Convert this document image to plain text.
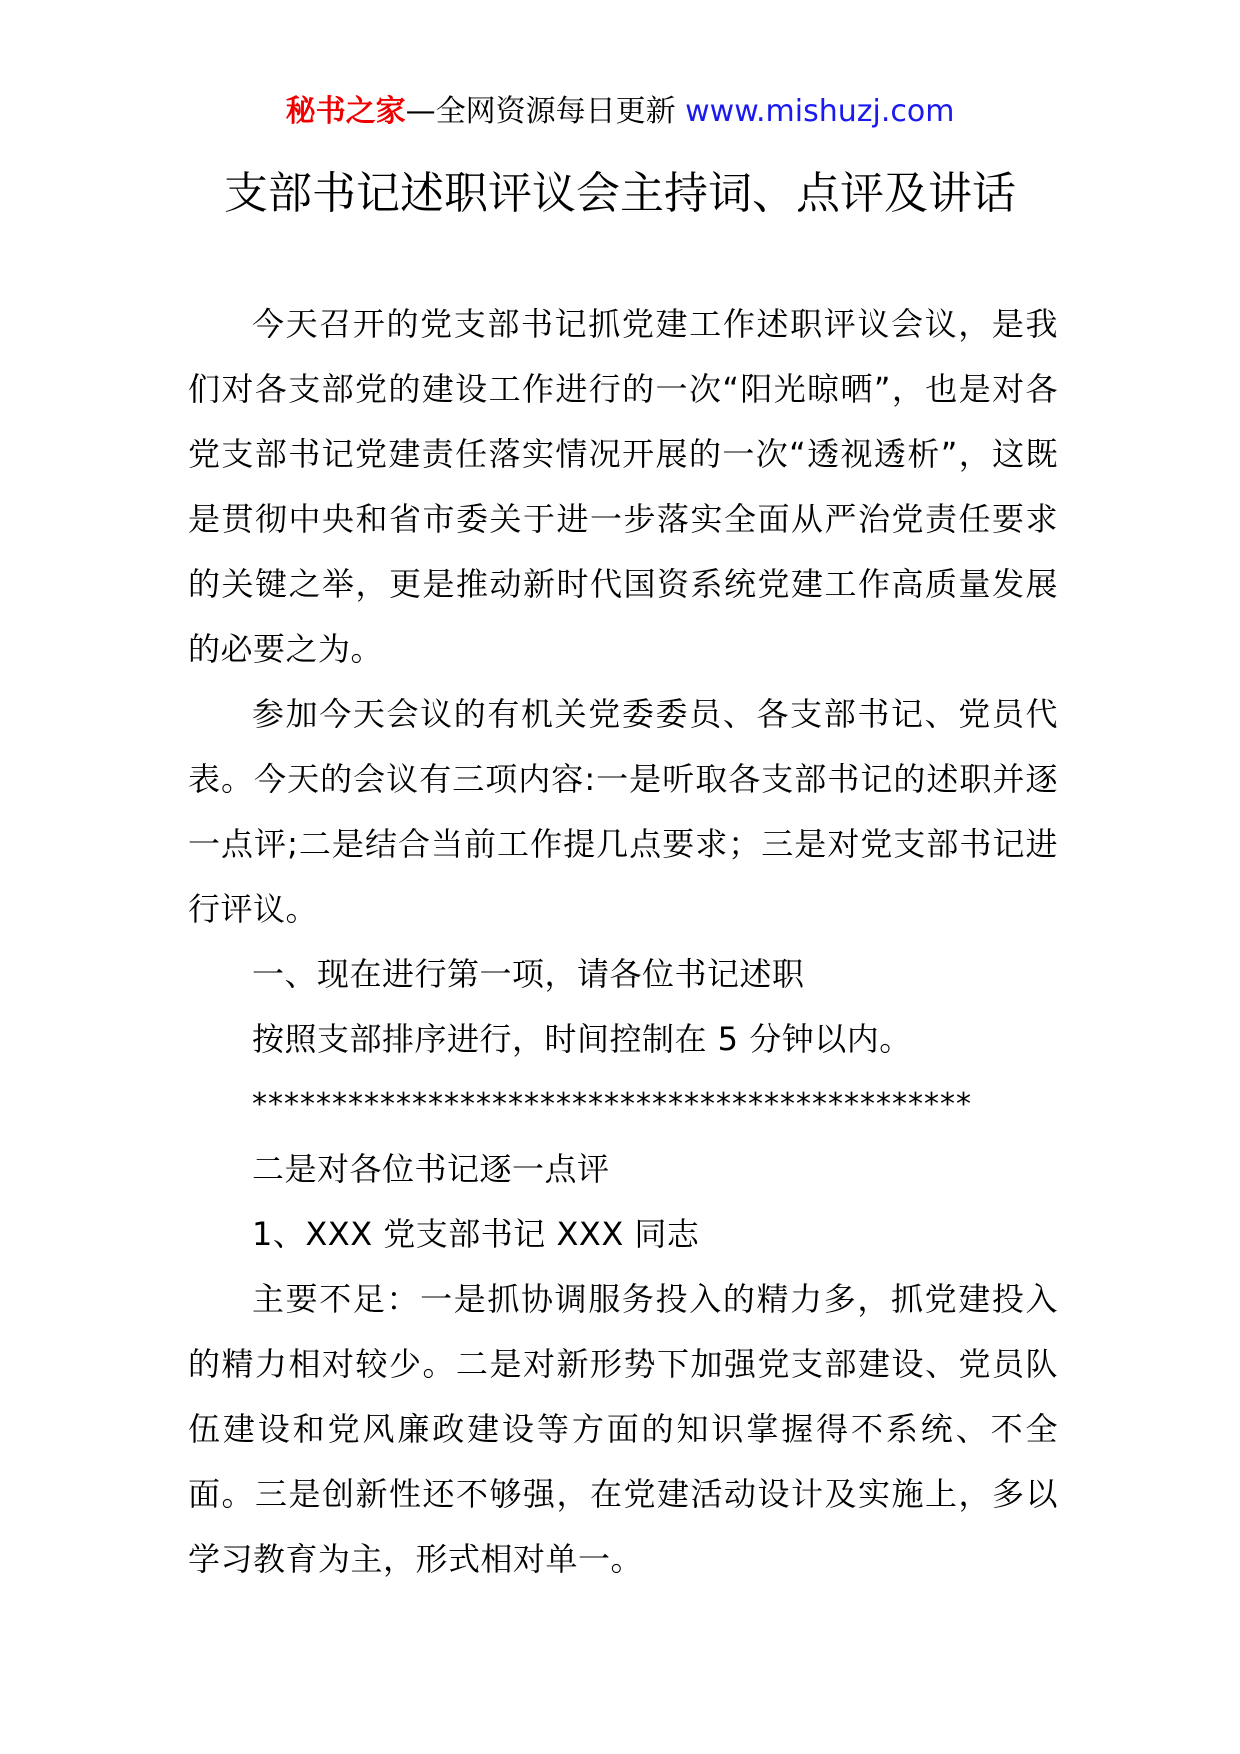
秘书之家—全网资源每日更新 www.mishuzj.com
支部书记述职评议会主持词、点评及讲话

今天召开的党支部书记抓党建工作述职评议会议，是我们对各支部党的建设工作进行的一次“阳光晾晒”，也是对各党支部书记党建责任落实情况开展的一次“透视透析”，这既是贯彻中央和省市委关于进一步落实全面从严治党责任要求的关键之举，更是推动新时代国资系统党建工作高质量发展的必要之为。

参加今天会议的有机关党委委员、各支部书记、党员代表。今天的会议有三项内容:一是听取各支部书记的述职并逐一点评;二是结合当前工作提几点要求；三是对党支部书记进行评议。

一、现在进行第一项，请各位书记述职

按照支部排序进行，时间控制在 5 分钟以内。

*********************************************

二是对各位书记逐一点评

1、XXX 党支部书记 XXX 同志

主要不足：一是抓协调服务投入的精力多，抓党建投入的精力相对较少。二是对新形势下加强党支部建设、党员队伍建设和党风廉政建设等方面的知识掌握得不系统、不全面。三是创新性还不够强，在党建活动设计及实施上，多以学习教育为主，形式相对单一。
